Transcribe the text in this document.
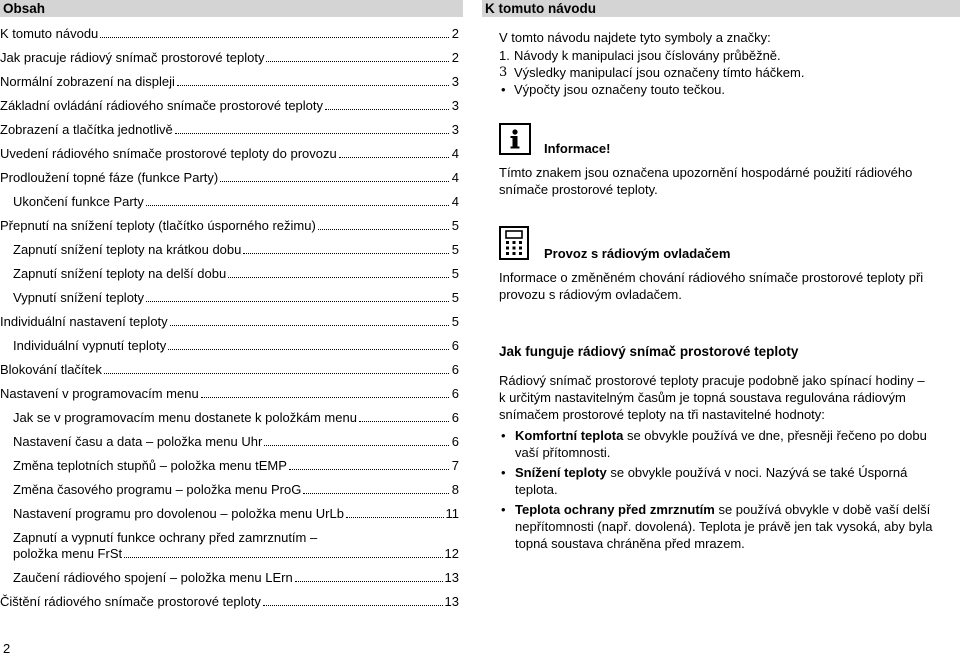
Obsah
K tomuto návodu	2
Jak pracuje rádiový snímač prostorové teploty	2
Normální zobrazení na displeji	3
Základní ovládání rádiového snímače prostorové teploty	3
Zobrazení a tlačítka jednotlivě	3
Uvedení rádiového snímače prostorové teploty do provozu	4
Prodloužení topné fáze (funkce Party)	4
Ukončení funkce Party	4
Přepnutí na snížení teploty (tlačítko úsporného režimu)	5
Zapnutí snížení teploty na krátkou dobu	5
Zapnutí snížení teploty na delší dobu	5
Vypnutí snížení teploty	5
Individuální nastavení teploty	5
Individuální vypnutí teploty	6
Blokování tlačítek	6
Nastavení v programovacím menu	6
Jak se v programovacím menu dostanete k položkám menu	6
Nastavení času a data – položka menu Uhr	6
Změna teplotních stupňů – položka menu tEMP	7
Změna časového programu – položka menu ProG	8
Nastavení programu pro dovolenou – položka menu UrLb	11
Zapnutí a vypnutí funkce ochrany před zamrznutím –
položka menu FrSt	12
Zaučení rádiového spojení – položka menu LErn	13
Čištění rádiového snímače prostorové teploty	13
2
K tomuto návodu
V tomto návodu najdete tyto symboly a značky:
1. Návody k manipulaci jsou číslovány průběžně.
3 Výsledky manipulací jsou označeny tímto háčkem.
• Výpočty jsou označeny touto tečkou.
Informace!
Tímto znakem jsou označena upozornění hospodárné použití rádiového
snímače prostorové teploty.
Provoz s rádiovým ovladačem
Informace o změněném chování rádiového snímače prostorové teploty při
provozu s rádiovým ovladačem.
Jak funguje rádiový snímač prostorové teploty
Rádiový snímač prostorové teploty pracuje podobně jako spínací hodiny –
k určitým nastavitelným časům je topná soustava regulována rádiovým
snímačem prostorové teploty na tři nastavitelné hodnoty:
• Komfortní teplota se obvykle používá ve dne, přesněji řečeno po dobu
vaší přítomnosti.
• Snížení teploty se obvykle používá v noci. Nazývá se také Úsporná
teplota.
• Teplota ochrany před zmrznutím se používá obvykle v době vaší delší
nepřítomnosti (např. dovolená). Teplota je právě jen tak vysoká, aby byla
topná soustava chráněna před mrazem.
